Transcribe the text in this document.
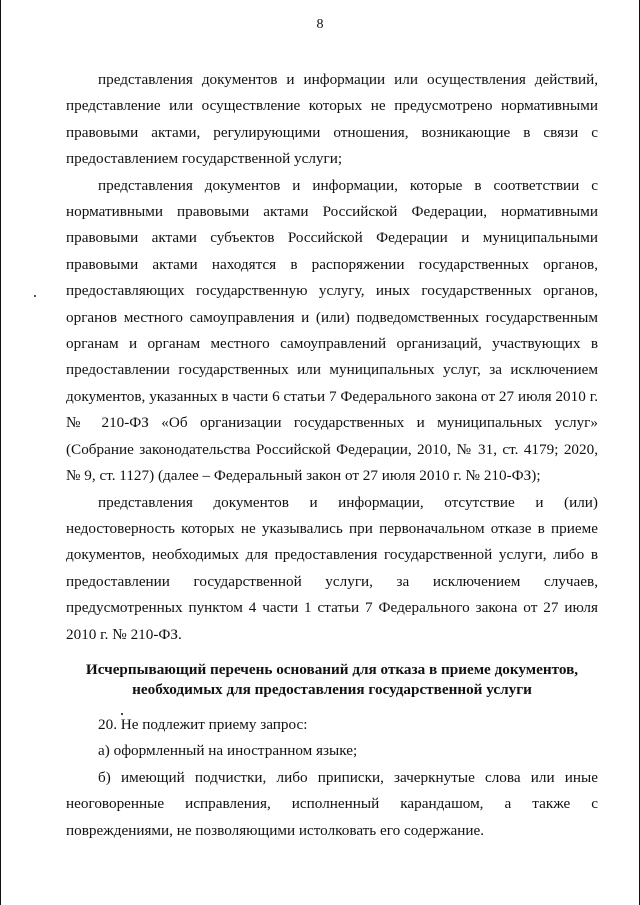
8

представления документов и информации или осуществления действий, представление или осуществление которых не предусмотрено нормативными правовыми актами, регулирующими отношения, возникающие в связи с предоставлением государственной услуги;

представления документов и информации, которые в соответствии с нормативными правовыми актами Российской Федерации, нормативными правовыми актами субъектов Российской Федерации и муниципальными правовыми актами находятся в распоряжении государственных органов, предоставляющих государственную услугу, иных государственных органов, органов местного самоуправления и (или) подведомственных государственным органам и органам местного самоуправлений организаций, участвующих в предоставлении государственных или муниципальных услуг, за исключением документов, указанных в части 6 статьи 7 Федерального закона от 27 июля 2010 г. № 210-ФЗ «Об организации государственных и муниципальных услуг» (Собрание законодательства Российской Федерации, 2010, № 31, ст. 4179; 2020, № 9, ст. 1127) (далее – Федеральный закон от 27 июля 2010 г. № 210-ФЗ);

представления документов и информации, отсутствие и (или) недостоверность которых не указывались при первоначальном отказе в приеме документов, необходимых для предоставления государственной услуги, либо в предоставлении государственной услуги, за исключением случаев, предусмотренных пунктом 4 части 1 статьи 7 Федерального закона от 27 июля 2010 г. № 210-ФЗ.

Исчерпывающий перечень оснований для отказа в приеме документов,
необходимых для предоставления государственной услуги

20. Не подлежит приему запрос:

а) оформленный на иностранном языке;

б) имеющий подчистки, либо приписки, зачеркнутые слова или иные неоговоренные исправления, исполненный карандашом, а также с повреждениями, не позволяющими истолковать его содержание.
